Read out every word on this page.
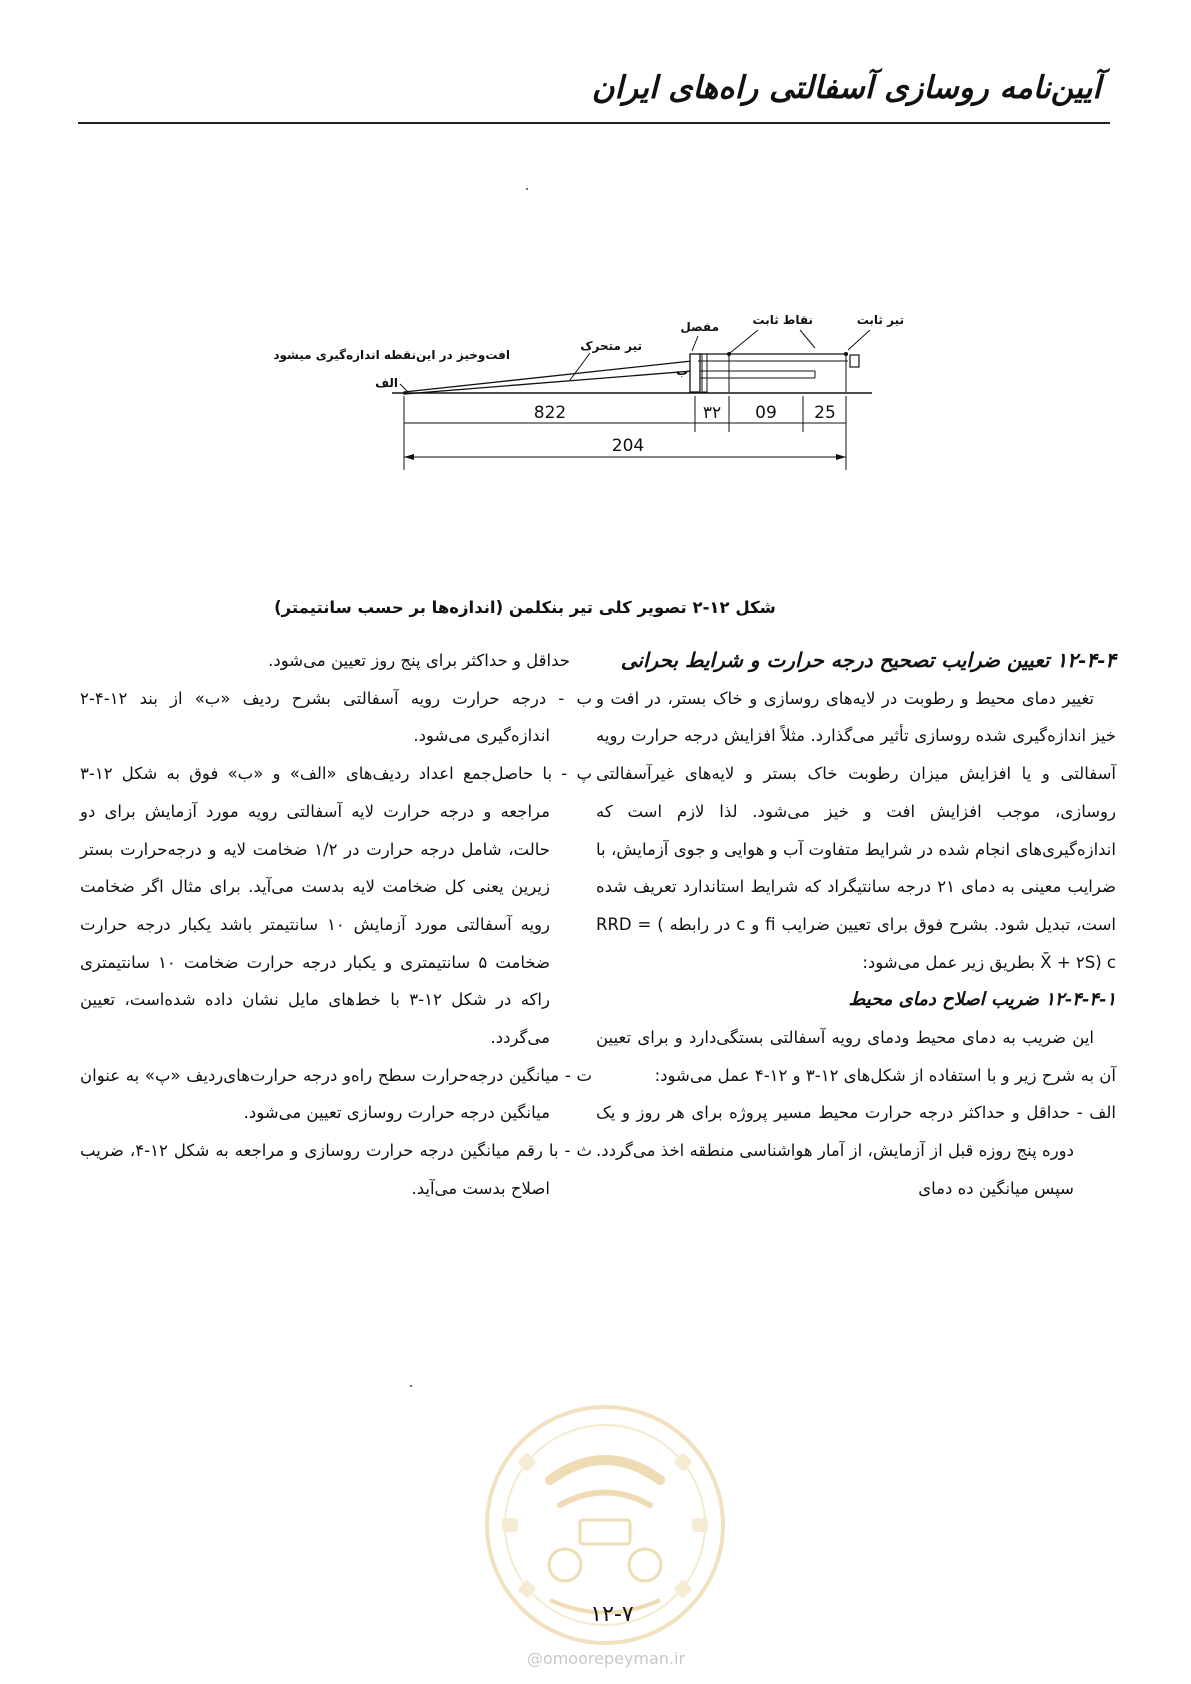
آیین‌نامه روسازی آسفالتی راه‌های ایران
تیر ثابت
نقاط ثابت
مفصل
تیر متحرک
افت‌وخیز در این‌نقطه اندازه‌گیری میشود
الف
ب
822	۳۲ 09 25
204
شکل ۱۲-۲ تصویر کلی تیر بنکلمن (اندازه‌ها بر حسب سانتیمتر)

۱۲-۴-۴ تعیین ضرایب تصحیح درجه حرارت و شرایط بحرانی

تغییر دمای محیط و رطوبت در لایه‌های روسازی و خاک بستر، در افت و خیز اندازه‌گیری شده روسازی تأثیر می‌گذارد. مثلاً افزایش درجه حرارت رویه آسفالتی و یا افزایش میزان رطوبت خاک بستر و لایه‌های غیرآسفالتی روسازی، موجب افزایش افت و خیز می‌شود. لذا لازم است که اندازه‌گیری‌های انجام شده در شرایط متفاوت آب و هوایی و جوی آزمایش، با ضرایب معینی به دمای ۲۱ درجه سانتیگراد که شرایط استاندارد تعریف شده است، تبدیل شود. بشرح فوق برای تعیین ضرایب fi و c در رابطه RRD = ( X̄ + ۲S) c بطریق زیر عمل می‌شود:

۱۲-۴-۴-۱ ضریب اصلاح دمای محیط

این ضریب به دمای محیط ودمای رویه آسفالتی بستگی‌دارد و برای تعیین آن به شرح زیر و با استفاده از شکل‌های ۱۲-۳ و ۱۲-۴ عمل می‌شود:

الف - حداقل و حداکثر درجه حرارت محیط مسیر پروژه برای هر روز و یک دوره پنج روزه قبل از آزمایش، از آمار هواشناسی منطقه اخذ می‌گردد. سپس میانگین ده دمای

حداقل و حداکثر برای پنج روز تعیین می‌شود.

ب - درجه حرارت رویه آسفالتی بشرح ردیف «ب» از بند ۱۲-۴-۲ اندازه‌گیری می‌شود.

پ - با حاصل‌جمع اعداد ردیف‌های «الف» و «ب» فوق به شکل ۱۲-۳ مراجعه و درجه حرارت لایه آسفالتی رویه مورد آزمایش برای دو حالت، شامل درجه حرارت در ۱/۲ ضخامت لایه و درجه‌حرارت بستر زیرین یعنی کل ضخامت لایه بدست می‌آید. برای مثال اگر ضخامت رویه آسفالتی مورد آزمایش ۱۰ سانتیمتر باشد یکبار درجه حرارت ضخامت ۵ سانتیمتری و یکبار درجه حرارت ضخامت ۱۰ سانتیمتری راکه در شکل ۱۲-۳ با خط‌های مایل نشان داده شده‌است، تعیین می‌گردد.

ت - میانگین درجه‌حرارت سطح راه‌و درجه حرارت‌های‌ردیف «پ» به عنوان میانگین درجه حرارت روسازی تعیین می‌شود.

ث - با رقم میانگین درجه حرارت روسازی و مراجعه به شکل ۱۲-۴، ضریب اصلاح بدست می‌آید.

۱۲-۷
@omoorepeyman.ir
